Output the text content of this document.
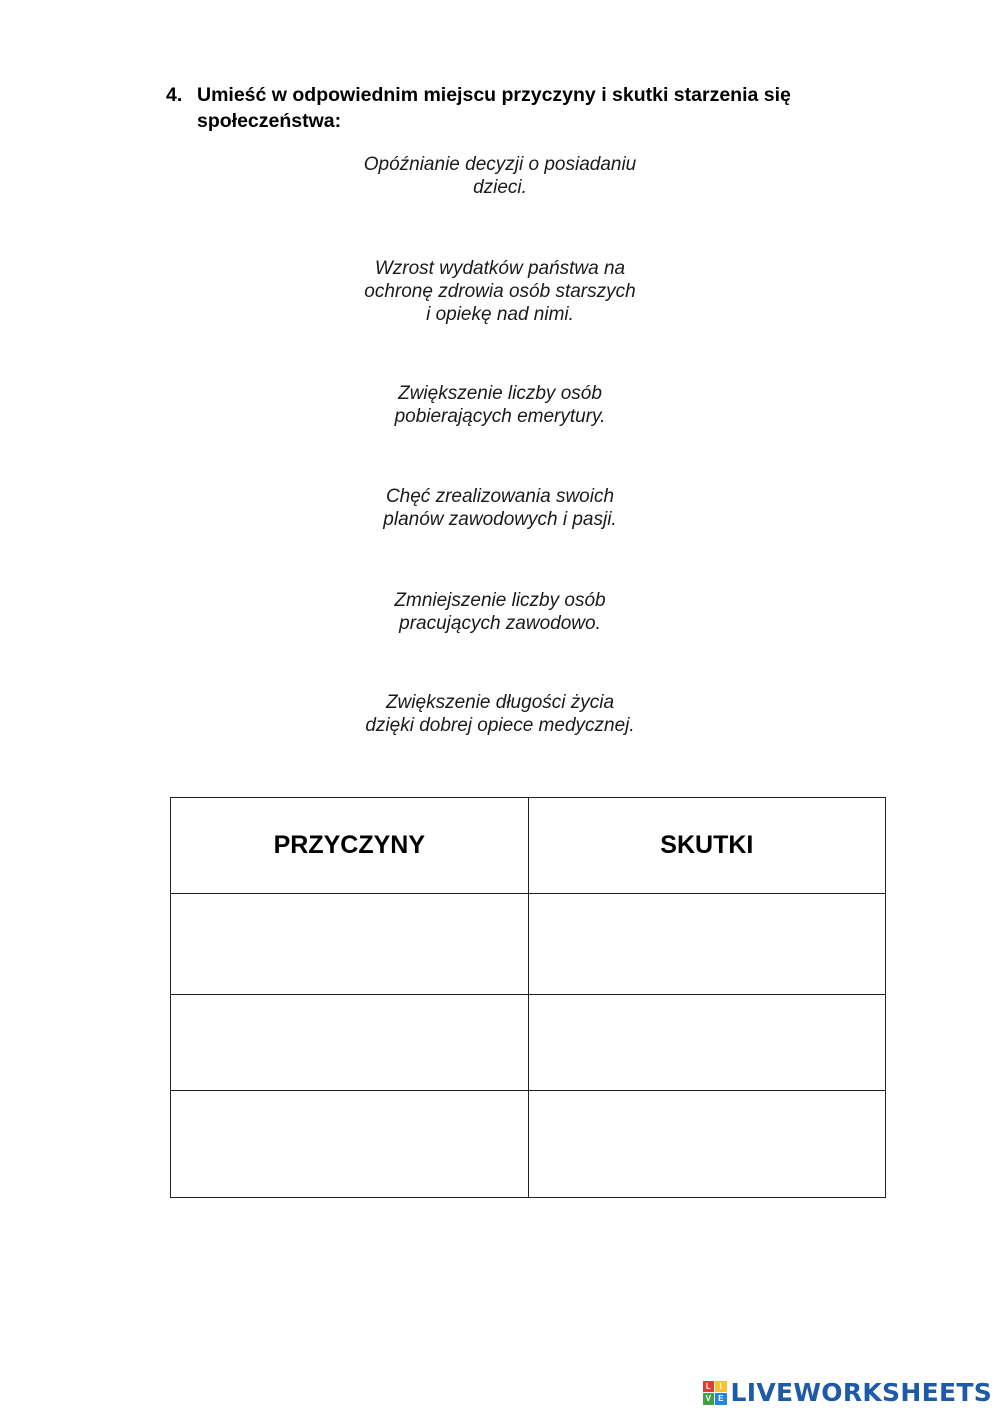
4. Umieść w odpowiednim miejscu przyczyny i skutki starzenia się
społeczeństwa:
Opóźnianie decyzji o posiadaniu
dzieci.
Wzrost wydatków państwa na
ochronę zdrowia osób starszych
i opiekę nad nimi.
Zwiększenie liczby osób
pobierających emerytury.
Chęć zrealizowania swoich
planów zawodowych i pasji.
Zmniejszenie liczby osób
pracujących zawodowo.
Zwiększenie długości życia
dzięki dobrej opiece medycznej.
PRZYCZYNY	SKUTKI

L	I
V E LIVEWORKSHEETS
